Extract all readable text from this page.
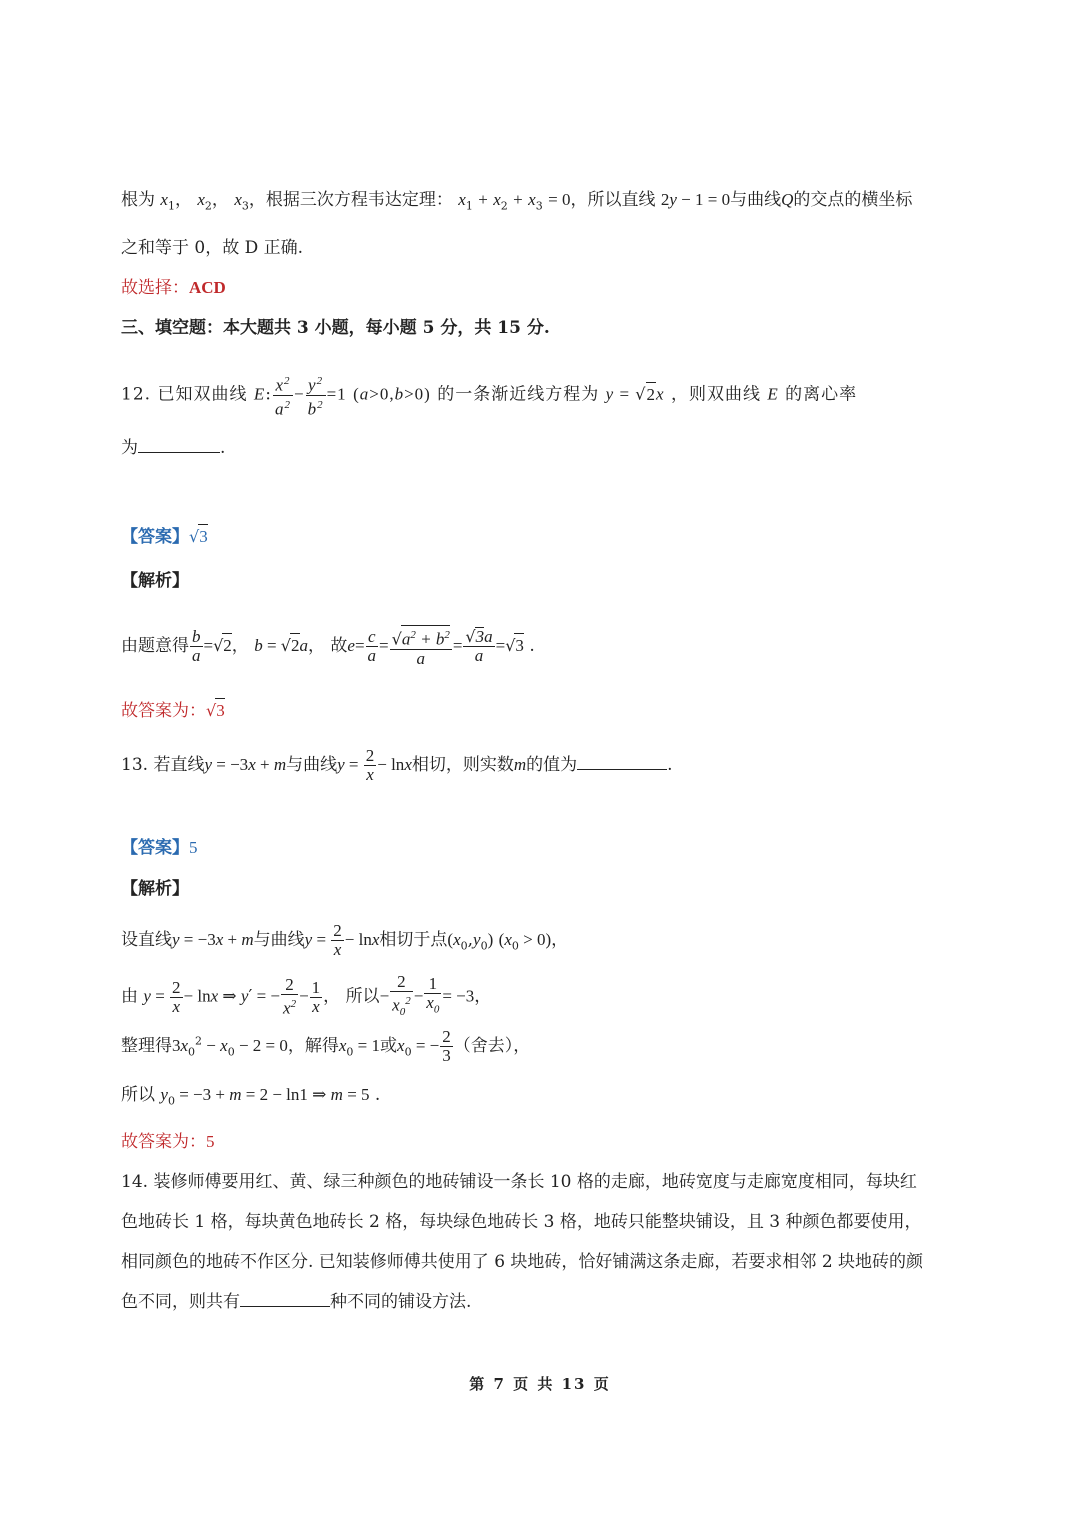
根为 $x_1$， $x_2$， $x_3$，根据三次方程韦达定理： $x_1 + x_2 + x_3 = 0$，所以直线 2y − 1 = 0与曲线Q的交点的横坐标
之和等于 0，故 D 正确.
故选择：ACD
三、填空题：本大题共 3 小题，每小题 5 分，共 15 分.
12. 已知双曲线 E: $\frac{x^2}{a^2} - \frac{y^2}{b^2} =1$ (a>0,b>0) 的一条渐近线方程为 y = √2x ，则双曲线 E 的离心率
为	.
【答案】√3
【解析】
由题意得 $\frac{b}{a} =√2$， b = √2a， 故$e= \frac{c}{a} = \frac{√a^2 + b^2}{a} = \frac{√3a}{a} =√3$ .
故答案为：√3
13. 若直线y = −3x + m与曲线$y = \frac{2}{x} - \ln x$相切，则实数m的值为	.
【答案】5
【解析】
设直线y = −3x + m与曲线$y = \frac{2}{x} - \ln x$相切于点$(x_0,y_0) (x_0 > 0)$，
由 $y = \frac{2}{x} - \ln x$ ⇒ y′ = − $\frac{2}{x^2} - \frac{1}{x}$ ， 所以− $\frac{2}{x_0^2} - \frac{1}{x_0} = -3$，
整理得$3x_0^2 - x_0 - 2 = 0$，解得$x_0 = 1$或$x_0$ = − $\frac{2}{3}$ （舍去），
所以 $y_0 = -3 + m = 2 - \ln 1$ ⇒ m = 5 .
故答案为：5
14. 装修师傅要用红、黄、绿三种颜色的地砖铺设一条长 10 格的走廊，地砖宽度与走廊宽度相同，每块红
色地砖长 1 格，每块黄色地砖长 2 格，每块绿色地砖长 3 格，地砖只能整块铺设，且 3 种颜色都要使用，
相同颜色的地砖不作区分. 已知装修师傅共使用了 6 块地砖，恰好铺满这条走廊，若要求相邻 2 块地砖的颜
色不同，则共有	种不同的铺设方法.
第 7 页 共 13 页
